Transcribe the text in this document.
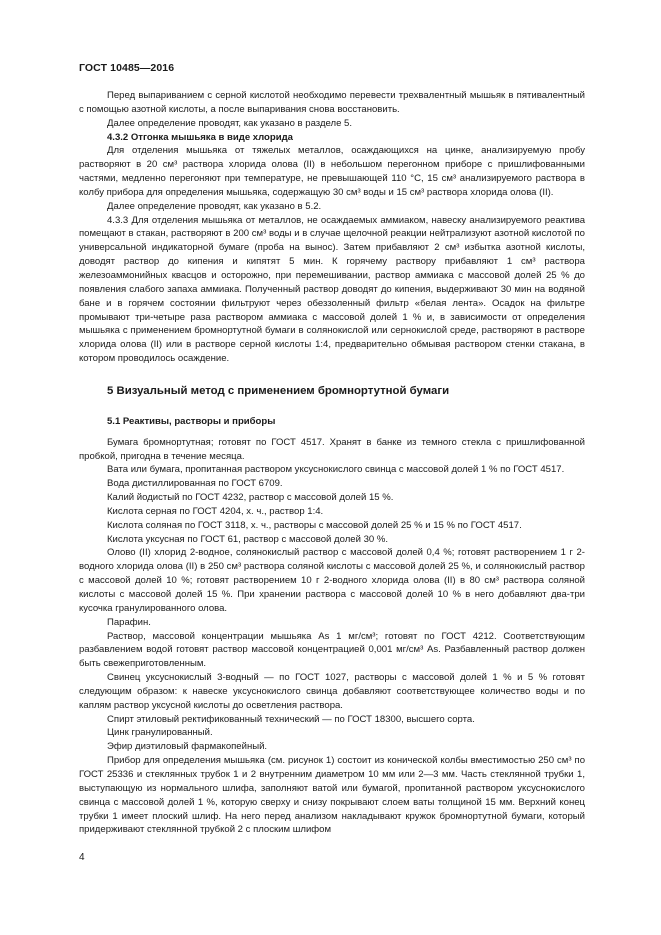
ГОСТ 10485—2016

Перед выпариванием с серной кислотой необходимо перевести трехвалентный мышьяк в пятивалентный с помощью азотной кислоты, а после выпаривания снова восстановить.

Далее определение проводят, как указано в разделе 5.

4.3.2 Отгонка мышьяка в виде хлорида

Для отделения мышьяка от тяжелых металлов, осаждающихся на цинке, анализируемую пробу растворяют в 20 см³ раствора хлорида олова (II) в небольшом перегонном приборе с пришлифованными частями, медленно перегоняют при температуре, не превышающей 110 °С, 15 см³ анализируемого раствора в колбу прибора для определения мышьяка, содержащую 30 см³ воды и 15 см³ раствора хлорида олова (II).

Далее определение проводят, как указано в 5.2.

4.3.3 Для отделения мышьяка от металлов, не осаждаемых аммиаком, навеску анализируемого реактива помещают в стакан, растворяют в 200 см³ воды и в случае щелочной реакции нейтрализуют азотной кислотой по универсальной индикаторной бумаге (проба на вынос). Затем прибавляют 2 см³ избытка азотной кислоты, доводят раствор до кипения и кипятят 5 мин. К горячему раствору прибавляют 1 см³ раствора железоаммонийных квасцов и осторожно, при перемешивании, раствор аммиака с массовой долей 25 % до появления слабого запаха аммиака. Полученный раствор доводят до кипения, выдерживают 30 мин на водяной бане и в горячем состоянии фильтруют через обеззоленный фильтр «белая лента». Осадок на фильтре промывают три-четыре раза раствором аммиака с массовой долей 1 % и, в зависимости от определения мышьяка с применением бромнортутной бумаги в солянокислой или сернокислой среде, растворяют в растворе хлорида олова (II) или в растворе серной кислоты 1:4, предварительно обмывая раствором стенки стакана, в котором проводилось осаждение.

5 Визуальный метод с применением бромнортутной бумаги

5.1 Реактивы, растворы и приборы

Бумага бромнортутная; готовят по ГОСТ 4517. Хранят в банке из темного стекла с пришлифованной пробкой, пригодна в течение месяца.

Вата или бумага, пропитанная раствором уксуснокислого свинца с массовой долей 1 % по ГОСТ 4517.

Вода дистиллированная по ГОСТ 6709.

Калий йодистый по ГОСТ 4232, раствор с массовой долей 15 %.

Кислота серная по ГОСТ 4204, х. ч., раствор 1:4.

Кислота соляная по ГОСТ 3118, х. ч., растворы с массовой долей 25 % и 15 % по ГОСТ 4517.

Кислота уксусная по ГОСТ 61, раствор с массовой долей 30 %.

Олово (II) хлорид 2-водное, солянокислый раствор с массовой долей 0,4 %; готовят растворением 1 г 2-водного хлорида олова (II) в 250 см³ раствора соляной кислоты с массовой долей 25 %, и солянокислый раствор с массовой долей 10 %; готовят растворением 10 г 2-водного хлорида олова (II) в 80 см³ раствора соляной кислоты с массовой долей 15 %. При хранении раствора с массовой долей 10 % в него добавляют два-три кусочка гранулированного олова.

Парафин.

Раствор, массовой концентрации мышьяка As 1 мг/см³; готовят по ГОСТ 4212. Соответствующим разбавлением водой готовят раствор массовой концентрацией 0,001 мг/см³ As. Разбавленный раствор должен быть свежеприготовленным.

Свинец уксуснокислый 3-водный — по ГОСТ 1027, растворы с массовой долей 1 % и 5 % готовят следующим образом: к навеске уксуснокислого свинца добавляют соответствующее количество воды и по каплям раствор уксусной кислоты до осветления раствора.

Спирт этиловый ректификованный технический — по ГОСТ 18300, высшего сорта.

Цинк гранулированный.

Эфир диэтиловый фармакопейный.

Прибор для определения мышьяка (см. рисунок 1) состоит из конической колбы вместимостью 250 см³ по ГОСТ 25336 и стеклянных трубок 1 и 2 внутренним диаметром 10 мм или 2—3 мм. Часть стеклянной трубки 1, выступающую из нормального шлифа, заполняют ватой или бумагой, пропитанной раствором уксуснокислого свинца с массовой долей 1 %, которую сверху и снизу покрывают слоем ваты толщиной 15 мм. Верхний конец трубки 1 имеет плоский шлиф. На него перед анализом накладывают кружок бромнортутной бумаги, который придерживают стеклянной трубкой 2 с плоским шлифом

4
